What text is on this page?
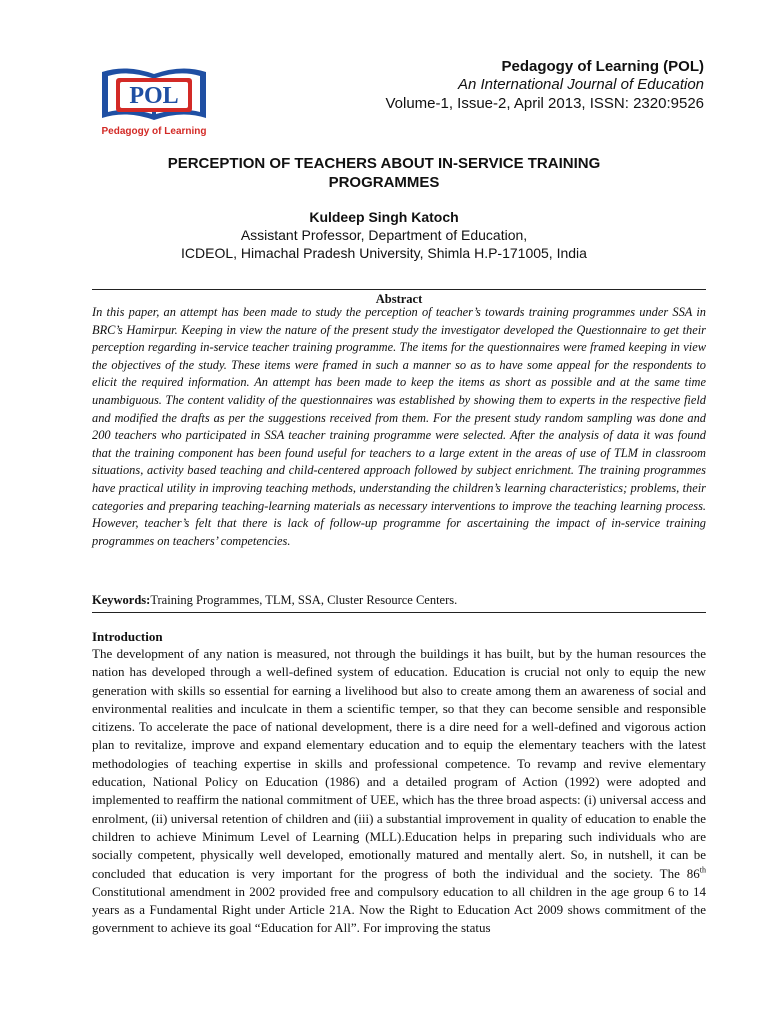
POL
Pedagogy of Learning
Pedagogy of Learning (POL)
An International Journal of Education
Volume-1, Issue-2, April 2013, ISSN: 2320:9526
PERCEPTION OF TEACHERS ABOUT IN-SERVICE TRAINING
PROGRAMMES
Kuldeep Singh Katoch
Assistant Professor, Department of Education,
ICDEOL, Himachal Pradesh University, Shimla H.P-171005, India
Abstract
In this paper, an attempt has been made to study the perception of teacher’s towards training programmes under SSA in BRC’s Hamirpur. Keeping in view the nature of the present study the investigator developed the Questionnaire to get their perception regarding in-service teacher training programme. The items for the questionnaires were framed keeping in view the objectives of the study. These items were framed in such a manner so as to have some appeal for the respondents to elicit the required information. An attempt has been made to keep the items as short as possible and at the same time unambiguous. The content validity of the questionnaires was established by showing them to experts in the respective field and modified the drafts as per the suggestions received from them. For the present study random sampling was done and 200 teachers who participated in SSA teacher training programme were selected. After the analysis of data it was found that the training component has been found useful for teachers to a large extent in the areas of use of TLM in classroom situations, activity based teaching and child-centered approach followed by subject enrichment. The training programmes have practical utility in improving teaching methods, understanding the children’s learning characteristics; problems, their categories and preparing teaching-learning materials as necessary interventions to improve the teaching learning process. However, teacher’s felt that there is lack of follow-up programme for ascertaining the impact of in-service training programmes on teachers’ competencies.
Keywords:Training Programmes, TLM, SSA, Cluster Resource Centers.
Introduction
The development of any nation is measured, not through the buildings it has built, but by the human resources the nation has developed through a well-defined system of education. Education is crucial not only to equip the new generation with skills so essential for earning a livelihood but also to create among them an awareness of social and environmental realities and inculcate in them a scientific temper, so that they can become sensible and responsible citizens. To accelerate the pace of national development, there is a dire need for a well-defined and vigorous action plan to revitalize, improve and expand elementary education and to equip the elementary teachers with the latest methodologies of teaching expertise in skills and professional competence. To revamp and revive elementary education, National Policy on Education (1986) and a detailed program of Action (1992) were adopted and implemented to reaffirm the national commitment of UEE, which has the three broad aspects: (i) universal access and enrolment, (ii) universal retention of children and (iii) a substantial improvement in quality of education to enable the children to achieve Minimum Level of Learning (MLL).Education helps in preparing such individuals who are socially competent, physically well developed, emotionally matured and mentally alert. So, in nutshell, it can be concluded that education is very important for the progress of both the individual and the society. The 86th Constitutional amendment in 2002 provided free and compulsory education to all children in the age group 6 to 14 years as a Fundamental Right under Article 21A. Now the Right to Education Act 2009 shows commitment of the government to achieve its goal “Education for All”. For improving the status
